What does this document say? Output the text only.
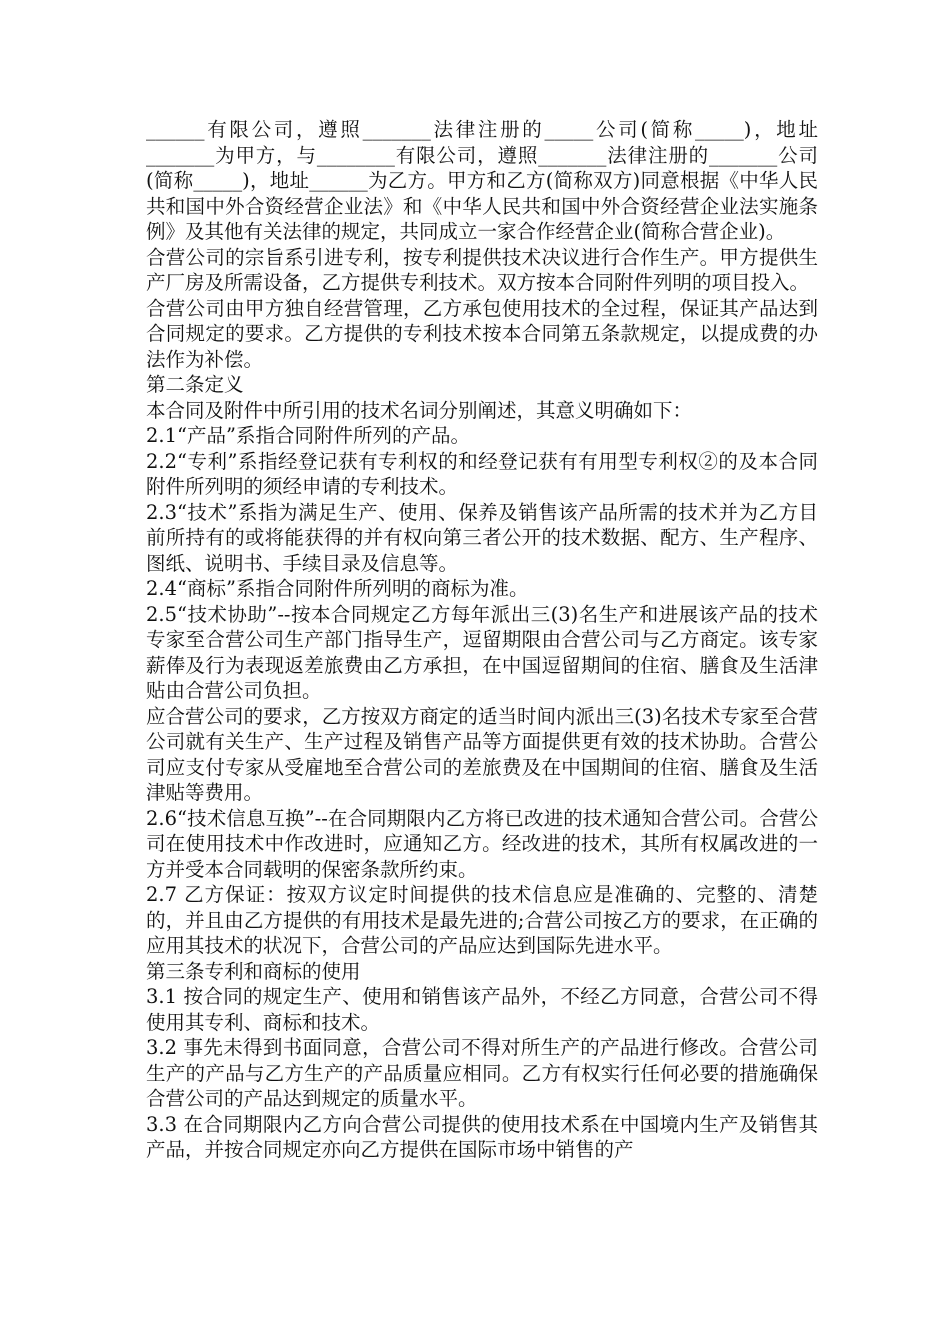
______有限公司，遵照_______法律注册的_____公司(简称_____)，地址_______为甲方，与________有限公司，遵照_______法律注册的_______公司(简称_____)，地址______为乙方。甲方和乙方(简称双方)同意根据《中华人民共和国中外合资经营企业法》和《中华人民共和国中外合资经营企业法实施条例》及其他有关法律的规定，共同成立一家合作经营企业(简称合营企业)。

合营公司的宗旨系引进专利，按专利提供技术决议进行合作生产。甲方提供生产厂房及所需设备，乙方提供专利技术。双方按本合同附件列明的项目投入。

合营公司由甲方独自经营管理，乙方承包使用技术的全过程，保证其产品达到合同规定的要求。乙方提供的专利技术按本合同第五条款规定，以提成费的办法作为补偿。

第二条定义

本合同及附件中所引用的技术名词分别阐述，其意义明确如下：

2.1“产品”系指合同附件所列的产品。

2.2“专利”系指经登记获有专利权的和经登记获有有用型专利权②的及本合同附件所列明的须经申请的专利技术。

2.3“技术”系指为满足生产、使用、保养及销售该产品所需的技术并为乙方目前所持有的或将能获得的并有权向第三者公开的技术数据、配方、生产程序、图纸、说明书、手续目录及信息等。

2.4“商标”系指合同附件所列明的商标为准。

2.5“技术协助”--按本合同规定乙方每年派出三(3)名生产和进展该产品的技术专家至合营公司生产部门指导生产，逗留期限由合营公司与乙方商定。该专家薪俸及行为表现返差旅费由乙方承担，在中国逗留期间的住宿、膳食及生活津贴由合营公司负担。

应合营公司的要求，乙方按双方商定的适当时间内派出三(3)名技术专家至合营公司就有关生产、生产过程及销售产品等方面提供更有效的技术协助。合营公司应支付专家从受雇地至合营公司的差旅费及在中国期间的住宿、膳食及生活津贴等费用。

2.6“技术信息互换”--在合同期限内乙方将已改进的技术通知合营公司。合营公司在使用技术中作改进时，应通知乙方。经改进的技术，其所有权属改进的一方并受本合同载明的保密条款所约束。

2.7 乙方保证：按双方议定时间提供的技术信息应是准确的、完整的、清楚的，并且由乙方提供的有用技术是最先进的;合营公司按乙方的要求，在正确的应用其技术的状况下，合营公司的产品应达到国际先进水平。

第三条专利和商标的使用

3.1 按合同的规定生产、使用和销售该产品外，不经乙方同意，合营公司不得使用其专利、商标和技术。

3.2 事先未得到书面同意，合营公司不得对所生产的产品进行修改。合营公司生产的产品与乙方生产的产品质量应相同。乙方有权实行任何必要的措施确保合营公司的产品达到规定的质量水平。

3.3 在合同期限内乙方向合营公司提供的使用技术系在中国境内生产及销售其产品，并按合同规定亦向乙方提供在国际市场中销售的产
